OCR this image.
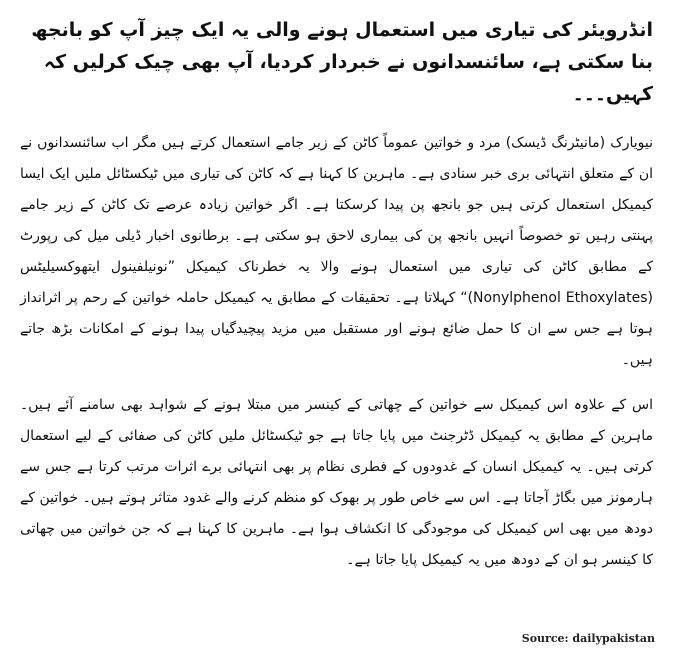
انڈرویئر کی تیاری میں استعمال ہونے والی یہ ایک چیز آپ کو بانجھ بنا سکتی ہے، سائنسدانوں نے خبردار کردیا، آپ بھی چیک کرلیں کہ کہیں۔۔۔

نیویارک (مانیٹرنگ ڈیسک) مرد و خواتین عموماً کاٹن کے زیر جامے استعمال کرتے ہیں مگر اب سائنسدانوں نے ان کے متعلق انتہائی بری خبر سنادی ہے۔ ماہرین کا کہنا ہے کہ کاٹن کی تیاری میں ٹیکسٹائل ملیں ایک ایسا کیمیکل استعمال کرتی ہیں جو بانجھ پن پیدا کرسکتا ہے۔ اگر خواتین زیادہ عرصے تک کاٹن کے زیر جامے پہنتی رہیں تو خصوصاً انہیں بانجھ پن کی بیماری لاحق ہو سکتی ہے۔ برطانوی اخبار ڈیلی میل کی رپورٹ کے مطابق کاٹن کی تیاری میں استعمال ہونے والا یہ خطرناک کیمیکل ”نونیلفینول ایتھوکسیلیٹس (Nonylphenol Ethoxylates)“ کہلاتا ہے۔ تحقیقات کے مطابق یہ کیمیکل حاملہ خواتین کے رحم پر اثرانداز ہوتا ہے جس سے ان کا حمل ضائع ہونے اور مستقبل میں مزید پیچیدگیاں پیدا ہونے کے امکانات بڑھ جاتے ہیں۔

اس کے علاوہ اس کیمیکل سے خواتین کے چھاتی کے کینسر میں مبتلا ہونے کے شواہد بھی سامنے آئے ہیں۔ ماہرین کے مطابق یہ کیمیکل ڈٹرجنٹ میں پایا جاتا ہے جو ٹیکسٹائل ملیں کاٹن کی صفائی کے لیے استعمال کرتی ہیں۔ یہ کیمیکل انسان کے غدودوں کے فطری نظام پر بھی انتہائی برے اثرات مرتب کرتا ہے جس سے ہارمونز میں بگاڑ آجاتا ہے۔ اس سے خاص طور پر بھوک کو منظم کرنے والے غدود متاثر ہوتے ہیں۔ خواتین کے دودھ میں بھی اس کیمیکل کی موجودگی کا انکشاف ہوا ہے۔ ماہرین کا کہنا ہے کہ جن خواتین میں چھاتی کا کینسر ہو ان کے دودھ میں یہ کیمیکل پایا جاتا ہے۔

Source: dailypakistan
